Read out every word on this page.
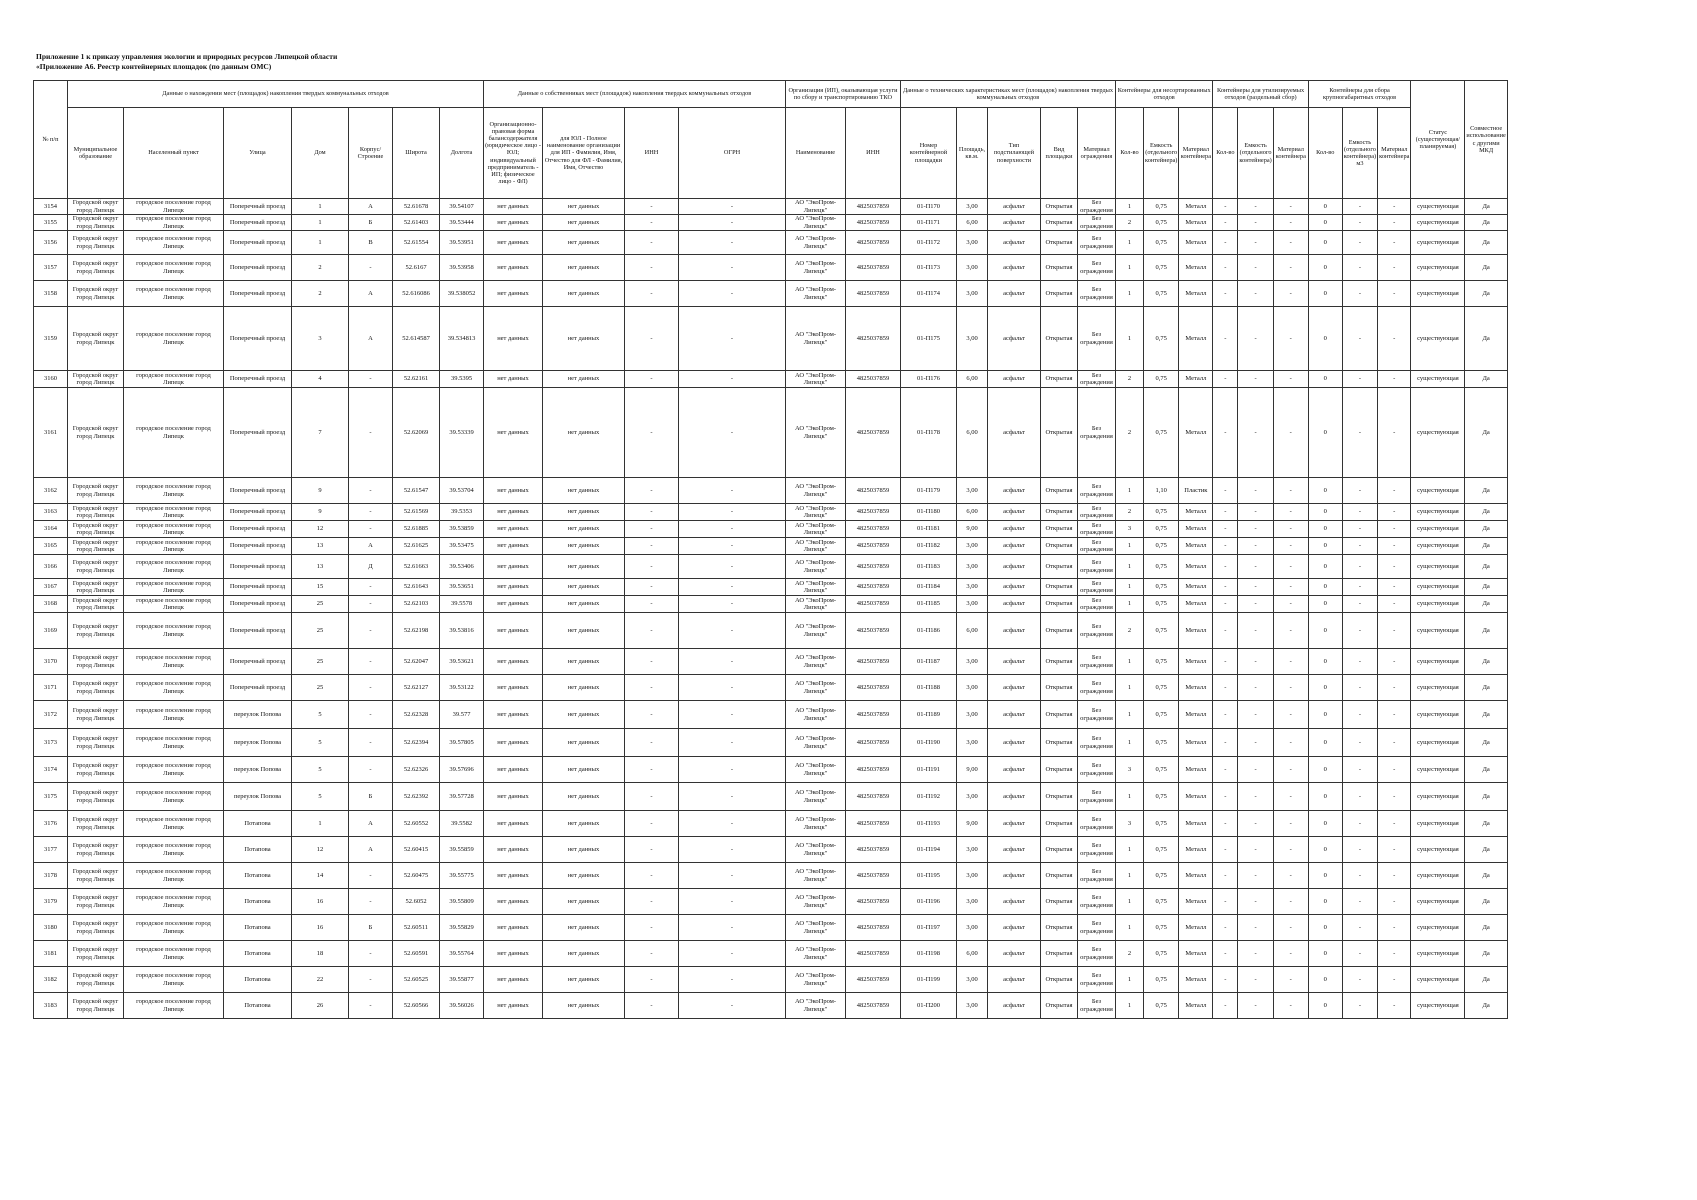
Приложение 1 к приказу управления экологии и природных ресурсов Липецкой области
«Приложение А6. Реестр контейнерных площадок (по данным ОМС)
№ п/п	Данные о нахождении мест (площадок) накопления твердых коммунальных отходов							Данные о собственниках мест (площадок) накопления твердых коммунальных отходов				Организация (ИП), оказывающая услуги по сбору и транспортированию ТКО		Данные о технических характеристиках мест (площадок) накопления твердых коммунальных отходов					Контейнеры для несортированных отходов			Контейнеры для утилизируемых отходов (раздельный сбор)			Контейнеры для сбора крупногабаритных отходов			Статус (существующая/планируемая)	Совместное использование с другими МКД
	Муниципальное образование	Населенный пункт	Улица	Дом	Корпус/Строение	Широта	Долгота	Организационно-правовая форма балансодержателя (юридическое лицо - ЮЛ; индивидуальный предприниматель - ИП; физическое лицо - ФЛ)	для ЮЛ - Полное наименование организации для ИП - Фамилия, Имя, Отчество для ФЛ - Фамилия, Имя, Отчество	ИНН	ОГРН	Наименование	ИНН	Номер контейнерной площадки	Площадь, кв.м.	Тип подстилающей поверхности	Вид площадки	Материал ограждения	Кол-во	Емкость (отдельного контейнера)	Материал контейнера	Кол-во	Емкость (отдельного контейнера)	Материал контейнера	Кол-во	Емкость (отдельного контейнера) м3	Материал контейнера		
3154	Городской округ город Липецк	городское поселение город Липецк	Поперечный проезд	1	А	52.61678	39.54107	нет данных	нет данных	-	-	АО "ЭкоПром-Липецк"	4825037859	01-П170	3,00	асфальт	Открытая	Без ограждения	1	0,75	Металл	-	-	-	0	-	-	существующая	Да
3155	Городской округ город Липецк	городское поселение город Липецк	Поперечный проезд	1	Б	52.61403	39.53444	нет данных	нет данных	-	-	АО "ЭкоПром-Липецк"	4825037859	01-П171	6,00	асфальт	Открытая	Без ограждения	2	0,75	Металл	-	-	-	0	-	-	существующая	Да
3156	Городской округ город Липецк	городское поселение город Липецк	Поперечный проезд	1	В	52.61554	39.53951	нет данных	нет данных	-	-	АО "ЭкоПром-Липецк"	4825037859	01-П172	3,00	асфальт	Открытая	Без ограждения	1	0,75	Металл	-	-	-	0	-	-	существующая	Да
3157	Городской округ город Липецк	городское поселение город Липецк	Поперечный проезд	2	-	52.6167	39.53958	нет данных	нет данных	-	-	АО "ЭкоПром-Липецк"	4825037859	01-П173	3,00	асфальт	Открытая	Без ограждения	1	0,75	Металл	-	-	-	0	-	-	существующая	Да
3158	Городской округ город Липецк	городское поселение город Липецк	Поперечный проезд	2	А	52.616086	39.538052	нет данных	нет данных	-	-	АО "ЭкоПром-Липецк"	4825037859	01-П174	3,00	асфальт	Открытая	Без ограждения	1	0,75	Металл	-	-	-	0	-	-	существующая	Да
3159	Городской округ город Липецк	городское поселение город Липецк	Поперечный проезд	3	А	52.614587	39.534813	нет данных	нет данных	-	-	АО "ЭкоПром-Липецк"	4825037859	01-П175	3,00	асфальт	Открытая	Без ограждения	1	0,75	Металл	-	-	-	0	-	-	существующая	Да
3160	Городской округ город Липецк	городское поселение город Липецк	Поперечный проезд	4	-	52.62161	39.5395	нет данных	нет данных	-	-	АО "ЭкоПром-Липецк"	4825037859	01-П176	6,00	асфальт	Открытая	Без ограждения	2	0,75	Металл	-	-	-	0	-	-	существующая	Да
3161	Городской округ город Липецк	городское поселение город Липецк	Поперечный проезд	7	-	52.62069	39.53339	нет данных	нет данных	-	-	АО "ЭкоПром-Липецк"	4825037859	01-П178	6,00	асфальт	Открытая	Без ограждения	2	0,75	Металл	-	-	-	0	-	-	существующая	Да
3162	Городской округ город Липецк	городское поселение город Липецк	Поперечный проезд	9	-	52.61547	39.53704	нет данных	нет данных	-	-	АО "ЭкоПром-Липецк"	4825037859	01-П179	3,00	асфальт	Открытая	Без ограждения	1	1,10	Пластик	-	-	-	0	-	-	существующая	Да
3163	Городской округ город Липецк	городское поселение город Липецк	Поперечный проезд	9	-	52.61569	39.5353	нет данных	нет данных	-	-	АО "ЭкоПром-Липецк"	4825037859	01-П180	6,00	асфальт	Открытая	Без ограждения	2	0,75	Металл	-	-	-	0	-	-	существующая	Да
3164	Городской округ город Липецк	городское поселение город Липецк	Поперечный проезд	12	-	52.61885	39.53859	нет данных	нет данных	-	-	АО "ЭкоПром-Липецк"	4825037859	01-П181	9,00	асфальт	Открытая	Без ограждения	3	0,75	Металл	-	-	-	0	-	-	существующая	Да
3165	Городской округ город Липецк	городское поселение город Липецк	Поперечный проезд	13	А	52.61625	39.53475	нет данных	нет данных	-	-	АО "ЭкоПром-Липецк"	4825037859	01-П182	3,00	асфальт	Открытая	Без ограждения	1	0,75	Металл	-	-	-	0	-	-	существующая	Да
3166	Городской округ город Липецк	городское поселение город Липецк	Поперечный проезд	13	Д	52.61663	39.53406	нет данных	нет данных	-	-	АО "ЭкоПром-Липецк"	4825037859	01-П183	3,00	асфальт	Открытая	Без ограждения	1	0,75	Металл	-	-	-	0	-	-	существующая	Да
3167	Городской округ город Липецк	городское поселение город Липецк	Поперечный проезд	15	-	52.61643	39.53651	нет данных	нет данных	-	-	АО "ЭкоПром-Липецк"	4825037859	01-П184	3,00	асфальт	Открытая	Без ограждения	1	0,75	Металл	-	-	-	0	-	-	существующая	Да
3168	Городской округ город Липецк	городское поселение город Липецк	Поперечный проезд	25	-	52.62103	39.5578	нет данных	нет данных	-	-	АО "ЭкоПром-Липецк"	4825037859	01-П185	3,00	асфальт	Открытая	Без ограждения	1	0,75	Металл	-	-	-	0	-	-	существующая	Да
3169	Городской округ город Липецк	городское поселение город Липецк	Поперечный проезд	25	-	52.62198	39.53816	нет данных	нет данных	-	-	АО "ЭкоПром-Липецк"	4825037859	01-П186	6,00	асфальт	Открытая	Без ограждения	2	0,75	Металл	-	-	-	0	-	-	существующая	Да
3170	Городской округ город Липецк	городское поселение город Липецк	Поперечный проезд	25	-	52.62047	39.53621	нет данных	нет данных	-	-	АО "ЭкоПром-Липецк"	4825037859	01-П187	3,00	асфальт	Открытая	Без ограждения	1	0,75	Металл	-	-	-	0	-	-	существующая	Да
3171	Городской округ город Липецк	городское поселение город Липецк	Поперечный проезд	25	-	52.62127	39.53122	нет данных	нет данных	-	-	АО "ЭкоПром-Липецк"	4825037859	01-П188	3,00	асфальт	Открытая	Без ограждения	1	0,75	Металл	-	-	-	0	-	-	существующая	Да
3172	Городской округ город Липецк	городское поселение город Липецк	переулок Попова	5	-	52.62328	39.577	нет данных	нет данных	-	-	АО "ЭкоПром-Липецк"	4825037859	01-П189	3,00	асфальт	Открытая	Без ограждения	1	0,75	Металл	-	-	-	0	-	-	существующая	Да
3173	Городской округ город Липецк	городское поселение город Липецк	переулок Попова	5	-	52.62394	39.57805	нет данных	нет данных	-	-	АО "ЭкоПром-Липецк"	4825037859	01-П190	3,00	асфальт	Открытая	Без ограждения	1	0,75	Металл	-	-	-	0	-	-	существующая	Да
3174	Городской округ город Липецк	городское поселение город Липецк	переулок Попова	5	-	52.62326	39.57696	нет данных	нет данных	-	-	АО "ЭкоПром-Липецк"	4825037859	01-П191	9,00	асфальт	Открытая	Без ограждения	3	0,75	Металл	-	-	-	0	-	-	существующая	Да
3175	Городской округ город Липецк	городское поселение город Липецк	переулок Попова	5	Б	52.62392	39.57728	нет данных	нет данных	-	-	АО "ЭкоПром-Липецк"	4825037859	01-П192	3,00	асфальт	Открытая	Без ограждения	1	0,75	Металл	-	-	-	0	-	-	существующая	Да
3176	Городской округ город Липецк	городское поселение город Липецк	Потапова	1	А	52.60552	39.5582	нет данных	нет данных	-	-	АО "ЭкоПром-Липецк"	4825037859	01-П193	9,00	асфальт	Открытая	Без ограждения	3	0,75	Металл	-	-	-	0	-	-	существующая	Да
3177	Городской округ город Липецк	городское поселение город Липецк	Потапова	12	А	52.60415	39.55859	нет данных	нет данных	-	-	АО "ЭкоПром-Липецк"	4825037859	01-П194	3,00	асфальт	Открытая	Без ограждения	1	0,75	Металл	-	-	-	0	-	-	существующая	Да
3178	Городской округ город Липецк	городское поселение город Липецк	Потапова	14	-	52.60475	39.55775	нет данных	нет данных	-	-	АО "ЭкоПром-Липецк"	4825037859	01-П195	3,00	асфальт	Открытая	Без ограждения	1	0,75	Металл	-	-	-	0	-	-	существующая	Да
3179	Городской округ город Липецк	городское поселение город Липецк	Потапова	16	-	52.6052	39.55809	нет данных	нет данных	-	-	АО "ЭкоПром-Липецк"	4825037859	01-П196	3,00	асфальт	Открытая	Без ограждения	1	0,75	Металл	-	-	-	0	-	-	существующая	Да
3180	Городской округ город Липецк	городское поселение город Липецк	Потапова	16	Б	52.60511	39.55829	нет данных	нет данных	-	-	АО "ЭкоПром-Липецк"	4825037859	01-П197	3,00	асфальт	Открытая	Без ограждения	1	0,75	Металл	-	-	-	0	-	-	существующая	Да
3181	Городской округ город Липецк	городское поселение город Липецк	Потапова	18	-	52.60591	39.55764	нет данных	нет данных	-	-	АО "ЭкоПром-Липецк"	4825037859	01-П198	6,00	асфальт	Открытая	Без ограждения	2	0,75	Металл	-	-	-	0	-	-	существующая	Да
3182	Городской округ город Липецк	городское поселение город Липецк	Потапова	22	-	52.60525	39.55877	нет данных	нет данных	-	-	АО "ЭкоПром-Липецк"	4825037859	01-П199	3,00	асфальт	Открытая	Без ограждения	1	0,75	Металл	-	-	-	0	-	-	существующая	Да
3183	Городской округ город Липецк	городское поселение город Липецк	Потапова	26	-	52.60566	39.56026	нет данных	нет данных	-	-	АО "ЭкоПром-Липецк"	4825037859	01-П200	3,00	асфальт	Открытая	Без ограждения	1	0,75	Металл	-	-	-	0	-	-	существующая	Да
